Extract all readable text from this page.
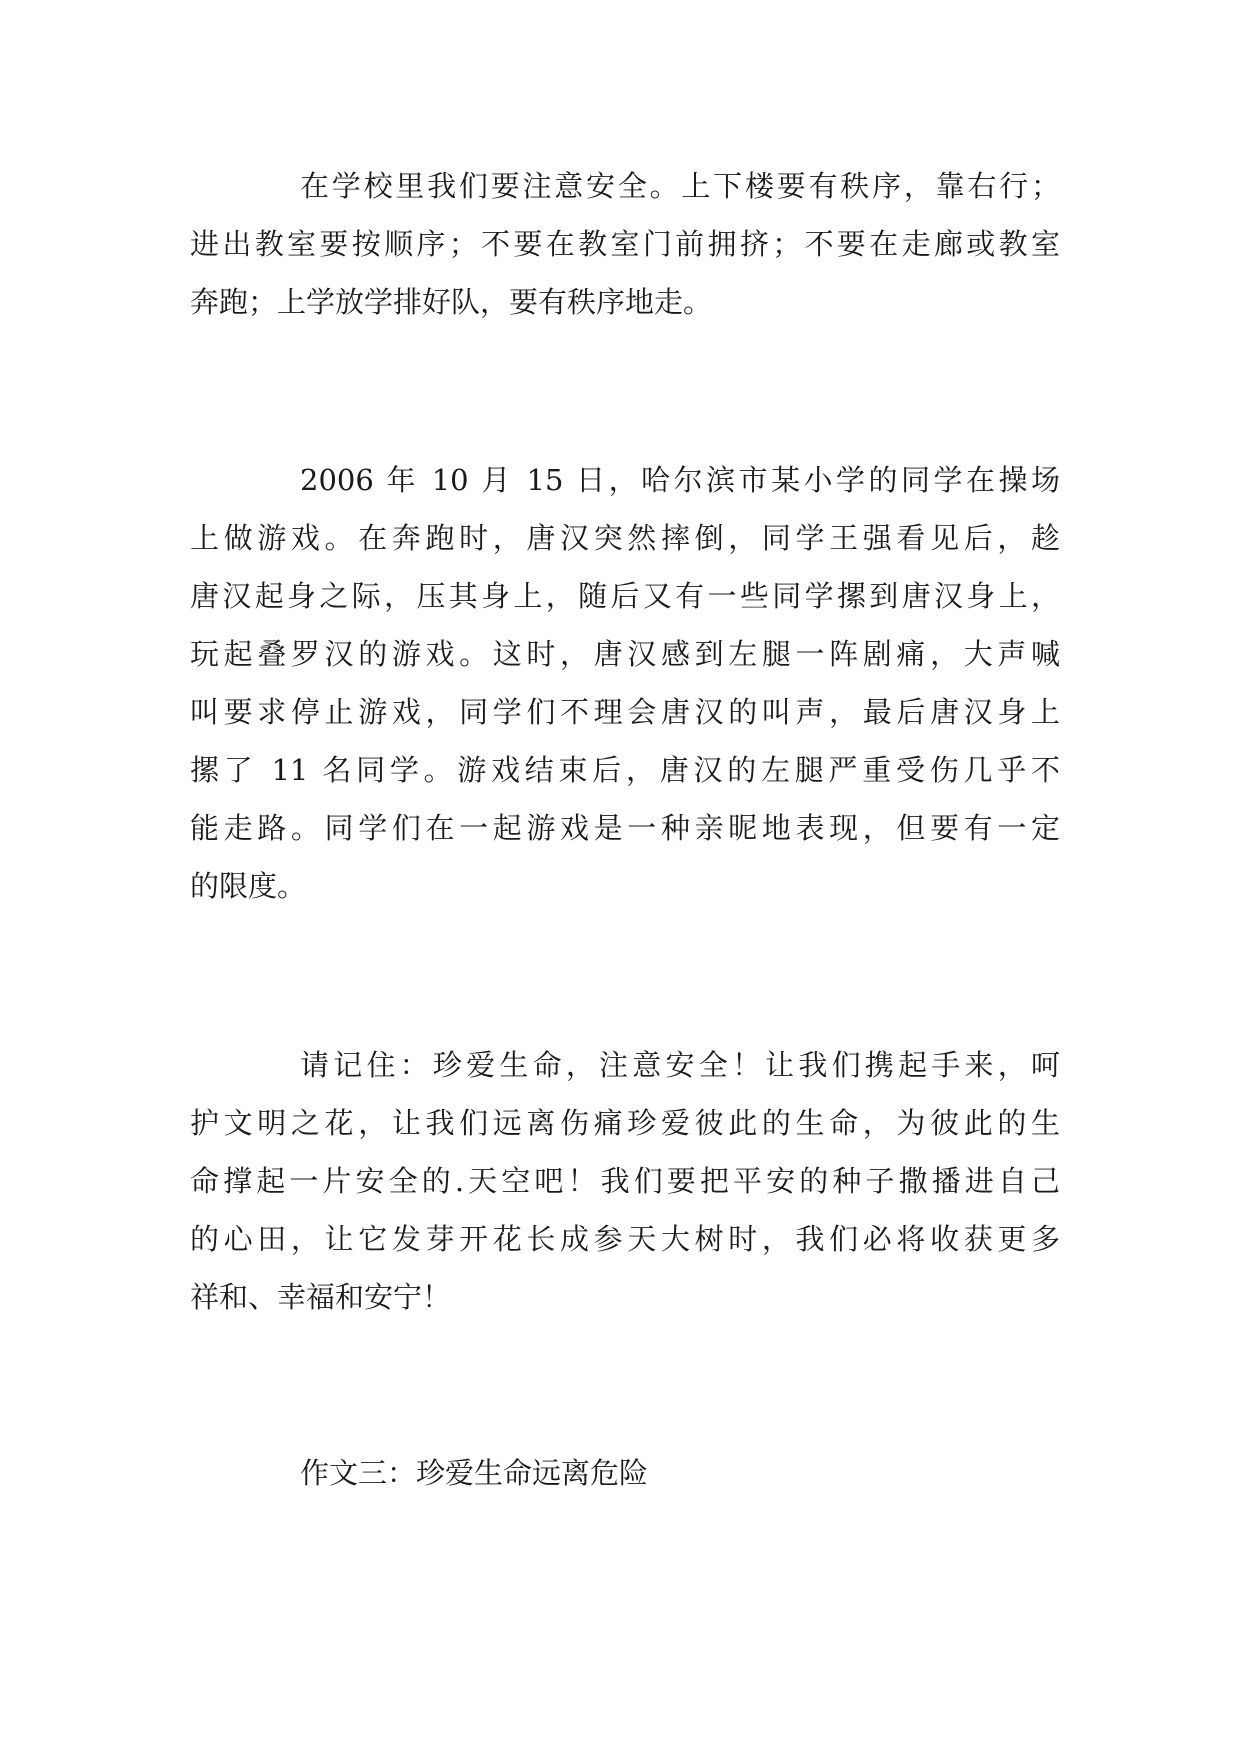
在学校里我们要注意安全。上下楼要有秩序，靠右行；
进出教室要按顺序；不要在教室门前拥挤；不要在走廊或教室
奔跑；上学放学排好队，要有秩序地走。
2006 年 10 月 15 日，哈尔滨市某小学的同学在操场
上做游戏。在奔跑时，唐汉突然摔倒，同学王强看见后，趁
唐汉起身之际，压其身上，随后又有一些同学摞到唐汉身上，
玩起叠罗汉的游戏。这时，唐汉感到左腿一阵剧痛，大声喊
叫要求停止游戏，同学们不理会唐汉的叫声，最后唐汉身上
摞了 11 名同学。游戏结束后，唐汉的左腿严重受伤几乎不
能走路。同学们在一起游戏是一种亲昵地表现，但要有一定
的限度。
请记住：珍爱生命，注意安全！让我们携起手来，呵
护文明之花，让我们远离伤痛珍爱彼此的生命，为彼此的生
命撑起一片安全的.天空吧！我们要把平安的种子撒播进自己
的心田，让它发芽开花长成参天大树时，我们必将收获更多
祥和、幸福和安宁！
作文三：珍爱生命远离危险
